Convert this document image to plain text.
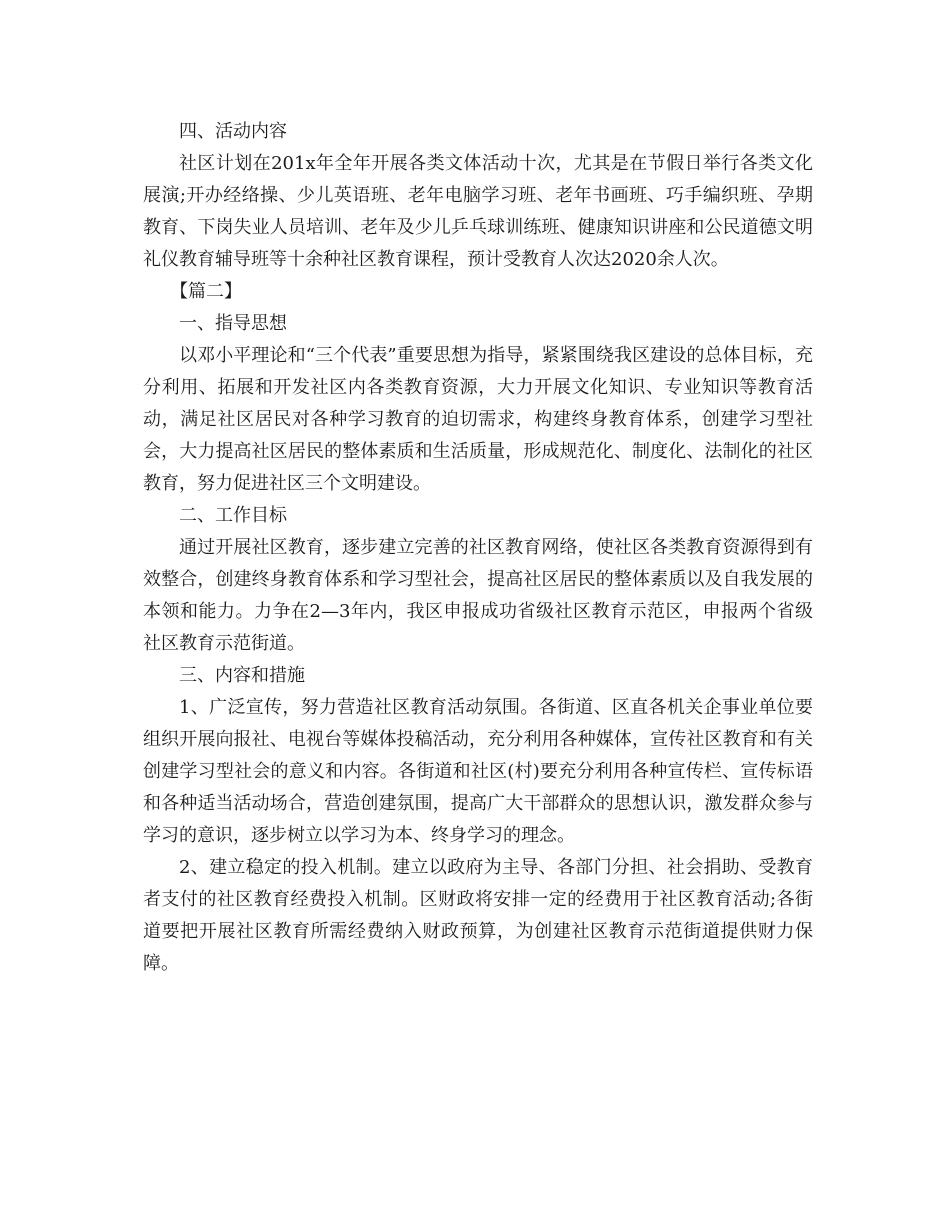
四、活动内容

社区计划在201x年全年开展各类文体活动十次，尤其是在节假日举行各类文化展演;开办经络操、少儿英语班、老年电脑学习班、老年书画班、巧手编织班、孕期教育、下岗失业人员培训、老年及少儿乒乓球训练班、健康知识讲座和公民道德文明礼仪教育辅导班等十余种社区教育课程，预计受教育人次达2020余人次。

【篇二】

一、指导思想

以邓小平理论和“三个代表”重要思想为指导，紧紧围绕我区建设的总体目标，充分利用、拓展和开发社区内各类教育资源，大力开展文化知识、专业知识等教育活动，满足社区居民对各种学习教育的迫切需求，构建终身教育体系，创建学习型社会，大力提高社区居民的整体素质和生活质量，形成规范化、制度化、法制化的社区教育，努力促进社区三个文明建设。

二、工作目标

通过开展社区教育，逐步建立完善的社区教育网络，使社区各类教育资源得到有效整合，创建终身教育体系和学习型社会，提高社区居民的整体素质以及自我发展的本领和能力。力争在2—3年内，我区申报成功省级社区教育示范区，申报两个省级社区教育示范街道。

三、内容和措施

1、广泛宣传，努力营造社区教育活动氛围。各街道、区直各机关企事业单位要组织开展向报社、电视台等媒体投稿活动，充分利用各种媒体，宣传社区教育和有关创建学习型社会的意义和内容。各街道和社区(村)要充分利用各种宣传栏、宣传标语和各种适当活动场合，营造创建氛围，提高广大干部群众的思想认识，激发群众参与学习的意识，逐步树立以学习为本、终身学习的理念。

2、建立稳定的投入机制。建立以政府为主导、各部门分担、社会捐助、受教育者支付的社区教育经费投入机制。区财政将安排一定的经费用于社区教育活动;各街道要把开展社区教育所需经费纳入财政预算，为创建社区教育示范街道提供财力保障。
